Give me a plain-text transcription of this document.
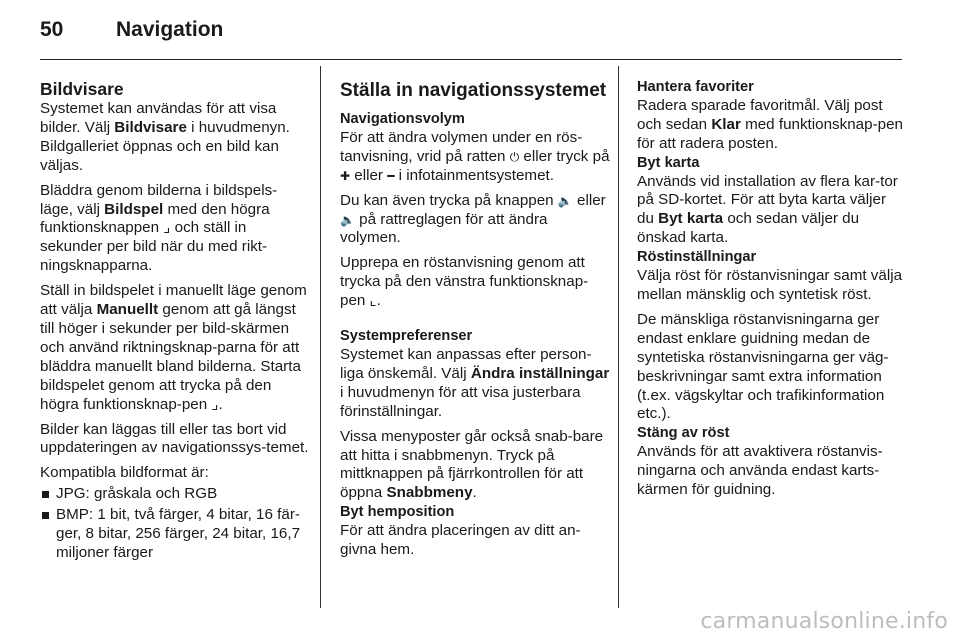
50	Navigation
Bildvisare

Systemet kan användas för att visa bilder. Välj Bildvisare i huvudmenyn. Bildgalleriet öppnas och en bild kan väljas.

Bläddra genom bilderna i bildspels-läge, välj Bildspel med den högra funktionsknappen ⌟ och ställ in sekunder per bild när du med rikt-ningsknapparna.

Ställ in bildspelet i manuellt läge genom att välja Manuellt genom att gå längst till höger i sekunder per bild-skärmen och använd riktningsknap-parna för att bläddra manuellt bland bilderna. Starta bildspelet genom att trycka på den högra funktionsknap-pen ⌟.

Bilder kan läggas till eller tas bort vid uppdateringen av navigationssys-temet.

Kompatibla bildformat är:

JPG: gråskala och RGB
BMP: 1 bit, två färger, 4 bitar, 16 fär-ger, 8 bitar, 256 färger, 24 bitar, 16,7 miljoner färger
Ställa in navigationssystemet
Navigationsvolym

För att ändra volymen under en rös-tanvisning, vrid på ratten ⏻ eller tryck på ✚ eller ━ i infotainmentsystemet.

Du kan även trycka på knappen 🔈 eller 🔈 på rattreglagen för att ändra volymen.

Upprepa en röstanvisning genom att trycka på den vänstra funktionsknap-pen ⌞.

Systempreferenser

Systemet kan anpassas efter person-liga önskemål. Välj Ändra inställningar i huvudmenyn för att visa justerbara förinställningar.

Vissa menyposter går också snab-bare att hitta i snabbmenyn. Tryck på mittknappen på fjärrkontrollen för att öppna Snabbmeny.

Byt hemposition

För att ändra placeringen av ditt an-givna hem.

Hantera favoriter

Radera sparade favoritmål. Välj post och sedan Klar med funktionsknap-pen för att radera posten.

Byt karta

Används vid installation av flera kar-tor på SD-kortet. För att byta karta väljer du Byt karta och sedan väljer du önskad karta.

Röstinställningar

Välja röst för röstanvisningar samt välja mellan mänsklig och syntetisk röst.

De mänskliga röstanvisningarna ger endast enklare guidning medan de syntetiska röstanvisningarna ger väg-beskrivningar samt extra information (t.ex. vägskyltar och trafikinformation etc.).

Stäng av röst

Används för att avaktivera röstanvis-ningarna och använda endast karts-kärmen för guidning.

carmanualsonline.info
